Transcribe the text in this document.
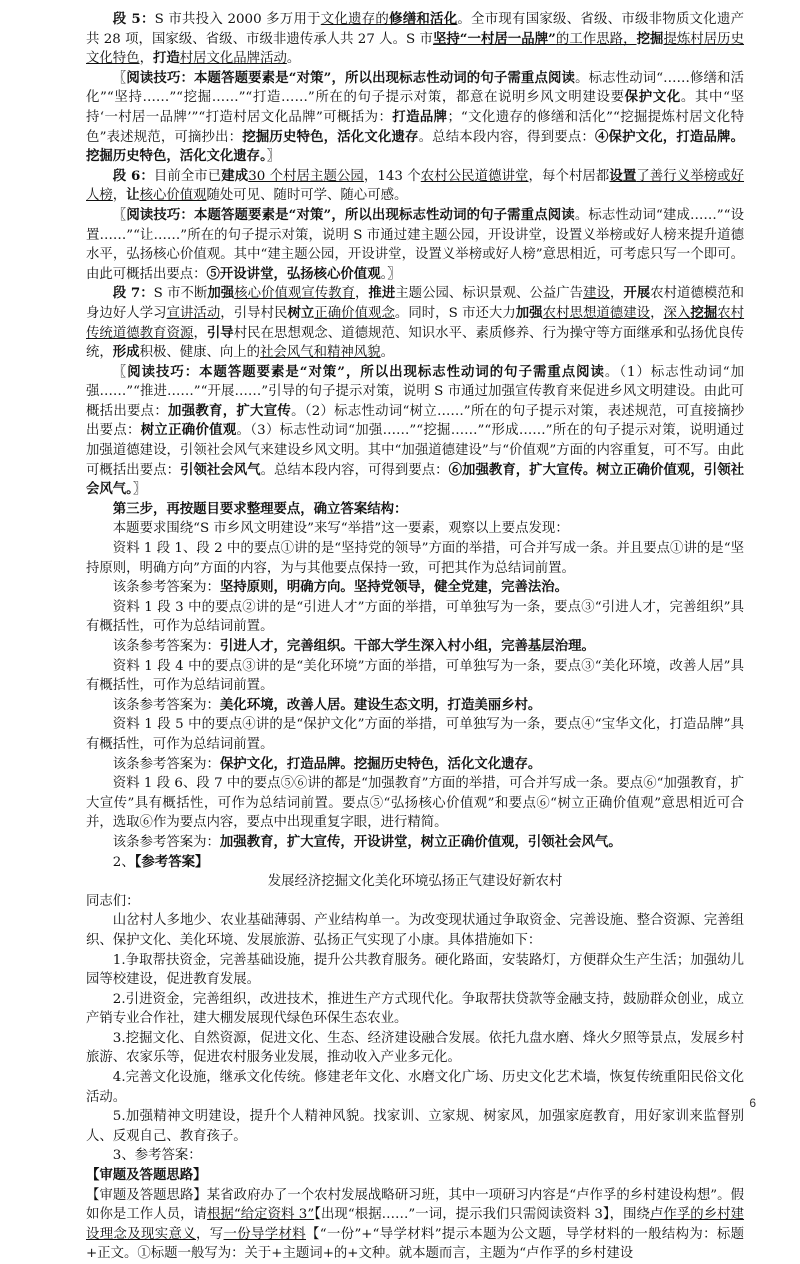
段 5：S 市共投入 2000 多万用于文化遗存的修缮和活化。全市现有国家级、省级、市级非物质文化遗产共 28 项，国家级、省级、市级非遗传承人共 27 人。S 市坚持“一村居一品牌”的工作思路，挖掘提炼村居历史文化特色，打造村居文化品牌活动。

〖阅读技巧：本题答题要素是“对策”，所以出现标志性动词的句子需重点阅读。标志性动词“……修缮和活化”“坚持……”“挖掘……”“打造……”所在的句子提示对策，都意在说明乡风文明建设要保护文化。其中“坚持‘一村居一品牌’”“打造村居文化品牌”可概括为：打造品牌；“文化遗存的修缮和活化”“挖掘提炼村居文化特色”表述规范，可摘抄出：挖掘历史特色，活化文化遗存。总结本段内容，得到要点：④保护文化，打造品牌。挖掘历史特色，活化文化遗存。〗

段 6：目前全市已建成30 个村居主题公园，143 个农村公民道德讲堂，每个村居都设置了善行义举榜或好人榜，让核心价值观随处可见、随时可学、随心可感。

〖阅读技巧：本题答题要素是“对策”，所以出现标志性动词的句子需重点阅读。标志性动词“建成……”“设置……”“让……”所在的句子提示对策，说明 S 市通过建主题公园，开设讲堂，设置义举榜或好人榜来提升道德水平，弘扬核心价值观。其中“建主题公园，开设讲堂，设置义举榜或好人榜”意思相近，可考虑只写一个即可。由此可概括出要点：⑤开设讲堂，弘扬核心价值观。〗

段 7：S 市不断加强核心价值观宣传教育，推进主题公园、标识景观、公益广告建设，开展农村道德模范和身边好人学习宣讲活动，引导村民树立正确价值观念。同时，S 市还大力加强农村思想道德建设，深入挖掘农村传统道德教育资源，引导村民在思想观念、道德规范、知识水平、素质修养、行为操守等方面继承和弘扬优良传统，形成积极、健康、向上的社会风气和精神风貌。

〖阅读技巧：本题答题要素是“对策”，所以出现标志性动词的句子需重点阅读。（1）标志性动词“加强……”“推进……”“开展……”引导的句子提示对策，说明 S 市通过加强宣传教育来促进乡风文明建设。由此可概括出要点：加强教育，扩大宣传。（2）标志性动词“树立……”所在的句子提示对策，表述规范，可直接摘抄出要点：树立正确价值观。（3）标志性动词“加强……”“挖掘……”“形成……”所在的句子提示对策，说明通过加强道德建设，引领社会风气来建设乡风文明。其中“加强道德建设”与“价值观”方面的内容重复，可不写。由此可概括出要点：引领社会风气。总结本段内容，可得到要点：⑥加强教育，扩大宣传。树立正确价值观，引领社会风气。〗

第三步，再按题目要求整理要点，确立答案结构：

本题要求围绕“S 市乡风文明建设”来写“举措”这一要素，观察以上要点发现：

资料 1 段 1、段 2 中的要点①讲的是“坚持党的领导”方面的举措，可合并写成一条。并且要点①讲的是“坚持原则，明确方向”方面的内容，为与其他要点保持一致，可把其作为总结词前置。

该条参考答案为：坚持原则，明确方向。坚持党领导，健全党建，完善法治。

资料 1 段 3 中的要点②讲的是“引进人才”方面的举措，可单独写为一条，要点③“引进人才，完善组织”具有概括性，可作为总结词前置。

该条参考答案为：引进人才，完善组织。干部大学生深入村小组，完善基层治理。

资料 1 段 4 中的要点③讲的是“美化环境”方面的举措，可单独写为一条，要点③“美化环境，改善人居”具有概括性，可作为总结词前置。

该条参考答案为：美化环境，改善人居。建设生态文明，打造美丽乡村。

资料 1 段 5 中的要点④讲的是“保护文化”方面的举措，可单独写为一条，要点④“宝华文化，打造品牌”具有概括性，可作为总结词前置。

该条参考答案为：保护文化，打造品牌。挖掘历史特色，活化文化遗存。

资料 1 段 6、段 7 中的要点⑤⑥讲的都是“加强教育”方面的举措，可合并写成一条。要点⑥“加强教育，扩大宣传”具有概括性，可作为总结词前置。要点⑤“弘扬核心价值观”和要点⑥“树立正确价值观”意思相近可合并，选取⑥作为要点内容，要点中出现重复字眼，进行精简。

该条参考答案为：加强教育，扩大宣传，开设讲堂，树立正确价值观，引领社会风气。

2、【参考答案】

发展经济挖掘文化美化环境弘扬正气建设好新农村

同志们：

山岔村人多地少、农业基础薄弱、产业结构单一。为改变现状通过争取资金、完善设施、整合资源、完善组织、保护文化、美化环境、发展旅游、弘扬正气实现了小康。具体措施如下：

1.争取帮扶资金，完善基础设施，提升公共教育服务。硬化路面，安装路灯，方便群众生产生活；加强幼儿园等校建设，促进教育发展。

2.引进资金，完善组织，改进技术，推进生产方式现代化。争取帮扶贷款等金融支持，鼓励群众创业，成立产销专业合作社，建大棚发展现代绿色环保生态农业。

3.挖掘文化、自然资源，促进文化、生态、经济建设融合发展。依托九盘水磨、烽火夕照等景点，发展乡村旅游、农家乐等，促进农村服务业发展，推动收入产业多元化。

4.完善文化设施，继承文化传统。修建老年文化、水磨文化广场、历史文化艺术墙，恢复传统重阳民俗文化活动。

5.加强精神文明建设，提升个人精神风貌。找家训、立家规、树家风，加强家庭教育，用好家训来监督别人、反观自己、教育孩子。

3、参考答案：

【审题及答题思路】

【审题及答题思路】某省政府办了一个农村发展战略研习班，其中一项研习内容是“卢作孚的乡村建设构想”。假如你是工作人员，请根据“给定资料 3”【出现“根据……”一词，提示我们只需阅读资料 3】，围绕卢作孚的乡村建设理念及现实意义，写一份导学材料【“一份”+“导学材料”提示本题为公文题，导学材料的一般结构为：标题+正文。①标题一般写为：关于+主题词+的+文种。就本题而言，主题为“卢作孚的乡村建设

6
